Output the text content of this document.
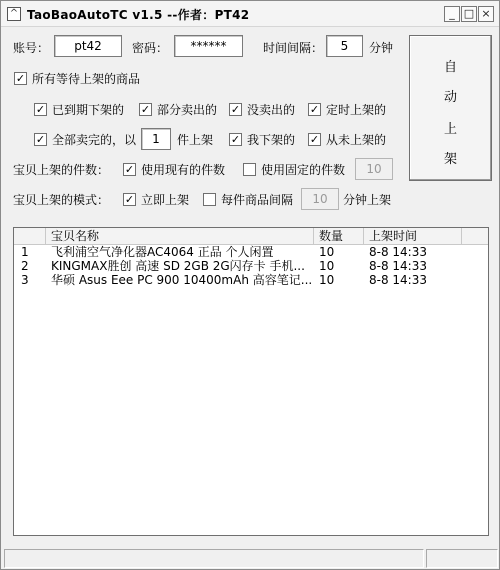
^ TaoBaoAutoTC v1.5 --作者：PT42	_ □ ×
账号：	pt42	密码：	******	时间间隔：	5	分钟
自
动
上
架
✓ 所有等待上架的商品
✓ 已到期下架的 ✓ 部分卖出的 ✓ 没卖出的 ✓ 定时上架的
✓ 全部卖完的，以	1	件上架 ✓ 我下架的 ✓ 从未上架的
宝贝上架的件数： ✓ 使用现有的件数	使用固定的件数	10
宝贝上架的模式： ✓ 立即上架	每件商品间隔	10	分钟上架
宝贝名称	数量	上架时间
1	飞利浦空气净化器AC4064 正品 个人闲置	10	8-8 14:33
2	KINGMAX胜创 高速 SD 2GB 2G闪存卡 手机...	10	8-8 14:33
3	华硕 Asus Eee PC 900 10400mAh 高容笔记... 10	8-8 14:33
